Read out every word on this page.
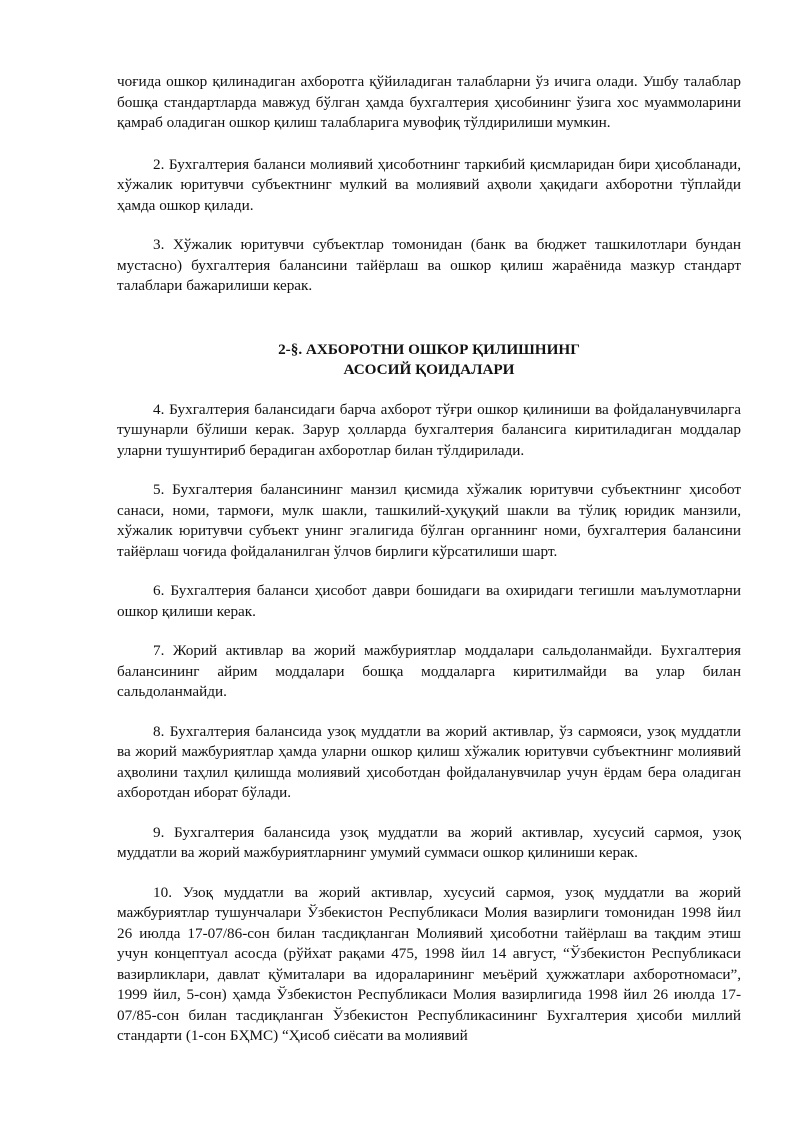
чоғида ошкор қилинадиган ахборотга қўйиладиган талабларни ўз ичига олади. Ушбу талаблар бошқа стандартларда мавжуд бўлган ҳамда бухгалтерия ҳисобининг ўзига хос муаммоларини қамраб оладиган ошкор қилиш талабларига мувофиқ тўлдирилиши мумкин.

2. Бухгалтерия баланси молиявий ҳисоботнинг таркибий қисмларидан бири ҳисобланади, хўжалик юритувчи субъектнинг мулкий ва молиявий аҳволи ҳақидаги ахборотни тўплайди ҳамда ошкор қилади.

3. Хўжалик юритувчи субъектлар томонидан (банк ва бюджет ташкилотлари бундан мустасно) бухгалтерия балансини тайёрлаш ва ошкор қилиш жараёнида мазкур стандарт талаблари бажарилиши керак.

2-§. АХБОРОТНИ ОШКОР ҚИЛИШНИНГ
АСОСИЙ ҚОИДАЛАРИ

4. Бухгалтерия балансидаги барча ахборот тўғри ошкор қилиниши ва фойдаланувчиларга тушунарли бўлиши керак. Зарур ҳолларда бухгалтерия балансига киритиладиган моддалар уларни тушунтириб берадиган ахборотлар билан тўлдирилади.

5. Бухгалтерия балансининг манзил қисмида хўжалик юритувчи субъектнинг ҳисобот санаси, номи, тармоғи, мулк шакли, ташкилий-ҳуқуқий шакли ва тўлиқ юридик манзили, хўжалик юритувчи субъект унинг эгалигида бўлган органнинг номи, бухгалтерия балансини тайёрлаш чоғида фойдаланилган ўлчов бирлиги кўрсатилиши шарт.

6. Бухгалтерия баланси ҳисобот даври бошидаги ва охиридаги тегишли маълумотларни ошкор қилиши керак.

7. Жорий активлар ва жорий мажбуриятлар моддалари сальдоланмайди. Бухгалтерия балансининг айрим моддалари бошқа моддаларга киритилмайди ва улар билан сальдоланмайди.

8. Бухгалтерия балансида узоқ муддатли ва жорий активлар, ўз сармояси, узоқ муддатли ва жорий мажбуриятлар ҳамда уларни ошкор қилиш хўжалик юритувчи субъектнинг молиявий аҳволини таҳлил қилишда молиявий ҳисоботдан фойдаланувчилар учун ёрдам бера оладиган ахборотдан иборат бўлади.

9. Бухгалтерия балансида узоқ муддатли ва жорий активлар, хусусий сармоя, узоқ муддатли ва жорий мажбуриятларнинг умумий суммаси ошкор қилиниши керак.

10. Узоқ муддатли ва жорий активлар, хусусий сармоя, узоқ муддатли ва жорий мажбуриятлар тушунчалари Ўзбекистон Республикаси Молия вазирлиги томонидан 1998 йил 26 июлда 17-07/86-сон билан тасдиқланган Молиявий ҳисоботни тайёрлаш ва тақдим этиш учун концептуал асосда (рўйхат рақами 475, 1998 йил 14 август, “Ўзбекистон Республикаси вазирликлари, давлат қўмиталари ва идораларининг меъёрий ҳужжатлари ахборотномаси”, 1999 йил, 5-сон) ҳамда Ўзбекистон Республикаси Молия вазирлигида 1998 йил 26 июлда 17-07/85-сон билан тасдиқланган Ўзбекистон Республикасининг Бухгалтерия ҳисоби миллий стандарти (1-сон БҲМС) “Ҳисоб сиёсати ва молиявий
